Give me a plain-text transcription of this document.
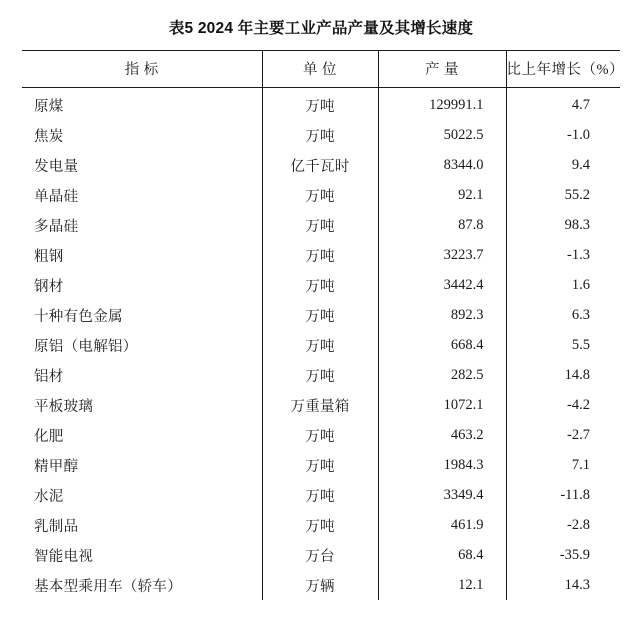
表5 2024 年主要工业产品产量及其增长速度
指 标	单 位	产 量	比上年增长（%）
原煤	万吨	129991.1	4.7
焦炭	万吨	5022.5	-1.0
发电量	亿千瓦时	8344.0	9.4
单晶硅	万吨	92.1	55.2
多晶硅	万吨	87.8	98.3
粗钢	万吨	3223.7	-1.3
钢材	万吨	3442.4	1.6
十种有色金属	万吨	892.3	6.3
原铝（电解铝）	万吨	668.4	5.5
铝材	万吨	282.5	14.8
平板玻璃	万重量箱	1072.1	-4.2
化肥	万吨	463.2	-2.7
精甲醇	万吨	1984.3	7.1
水泥	万吨	3349.4	-11.8
乳制品	万吨	461.9	-2.8
智能电视	万台	68.4	-35.9
基本型乘用车（轿车）	万辆	12.1	14.3
